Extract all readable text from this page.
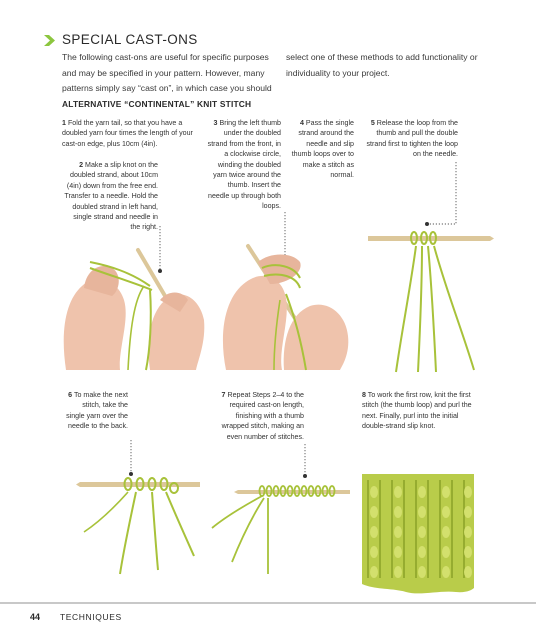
SPECIAL CAST-ONS
The following cast-ons are useful for specific purposes and may be specified in your pattern. However, many patterns simply say “cast on”, in which case you should
select one of these methods to add functionality or individuality to your project.
ALTERNATIVE “CONTINENTAL” KNIT STITCH
1 Fold the yarn tail, so that you have a doubled yarn four times the length of your cast-on edge, plus 10cm (4in).
2 Make a slip knot on the doubled strand, about 10cm (4in) down from the free end. Transfer to a needle. Hold the doubled strand in left hand, single strand and needle in the right.
3 Bring the left thumb under the doubled strand from the front, in a clockwise circle, winding the doubled yarn twice around the thumb. Insert the needle up through both loops.
4 Pass the single strand around the needle and slip thumb loops over to make a stitch as normal.
5 Release the loop from the thumb and pull the double strand first to tighten the loop on the needle.
6 To make the next stitch, take the single yarn over the needle to the back.
7 Repeat Steps 2–4 to the required cast-on length, finishing with a thumb wrapped stitch, making an even number of stitches.
8 To work the first row, knit the first stitch (the thumb loop) and purl the next. Finally, purl into the initial double-strand slip knot.
44 TECHNIQUES
